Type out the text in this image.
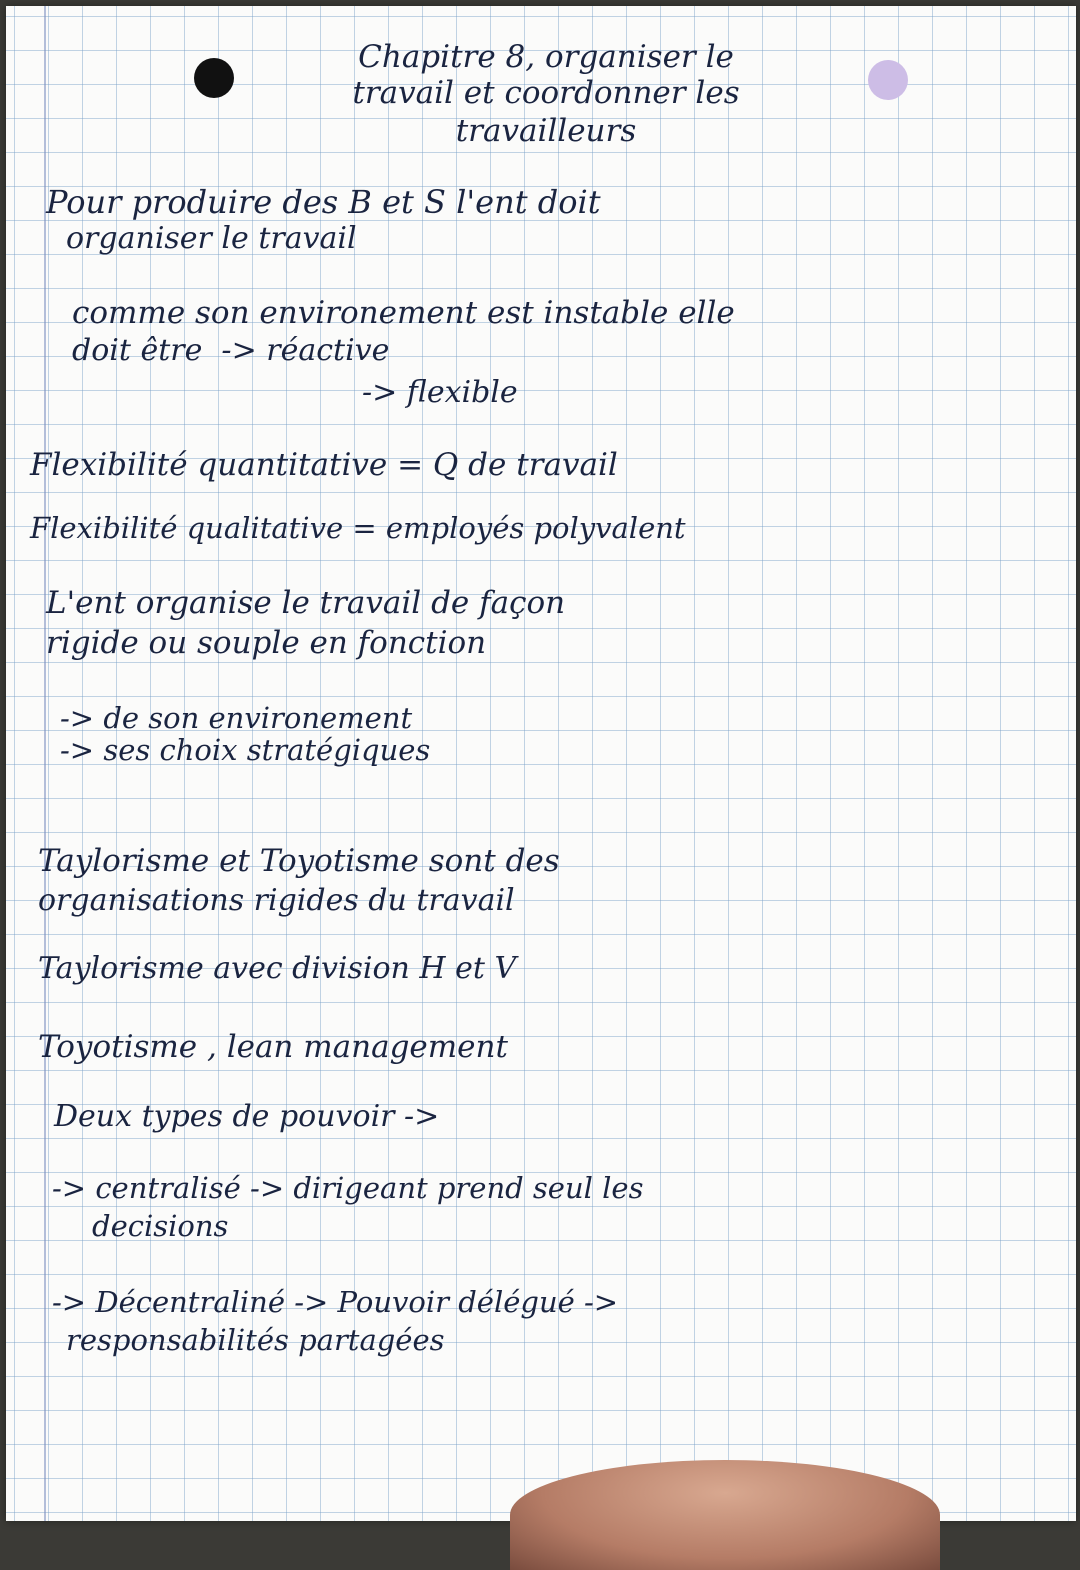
Chapitre 8, organiser le

travail et coordonner les

travailleurs

Pour produire des B et S l'ent doit

organiser le travail

comme son environement est instable elle

doit être  -> réactive

-> flexible

Flexibilité quantitative = Q de travail

Flexibilité qualitative = employés polyvalent

L'ent organise le travail de façon

rigide ou souple en fonction

-> de son environement

-> ses choix stratégiques

Taylorisme et Toyotisme sont des

organisations rigides du travail

Taylorisme avec division H et V

Toyotisme , lean management

Deux types de pouvoir ->

-> centralisé -> dirigeant prend seul les

decisions

-> Décentraliné -> Pouvoir délégué ->

responsabilités partagées
